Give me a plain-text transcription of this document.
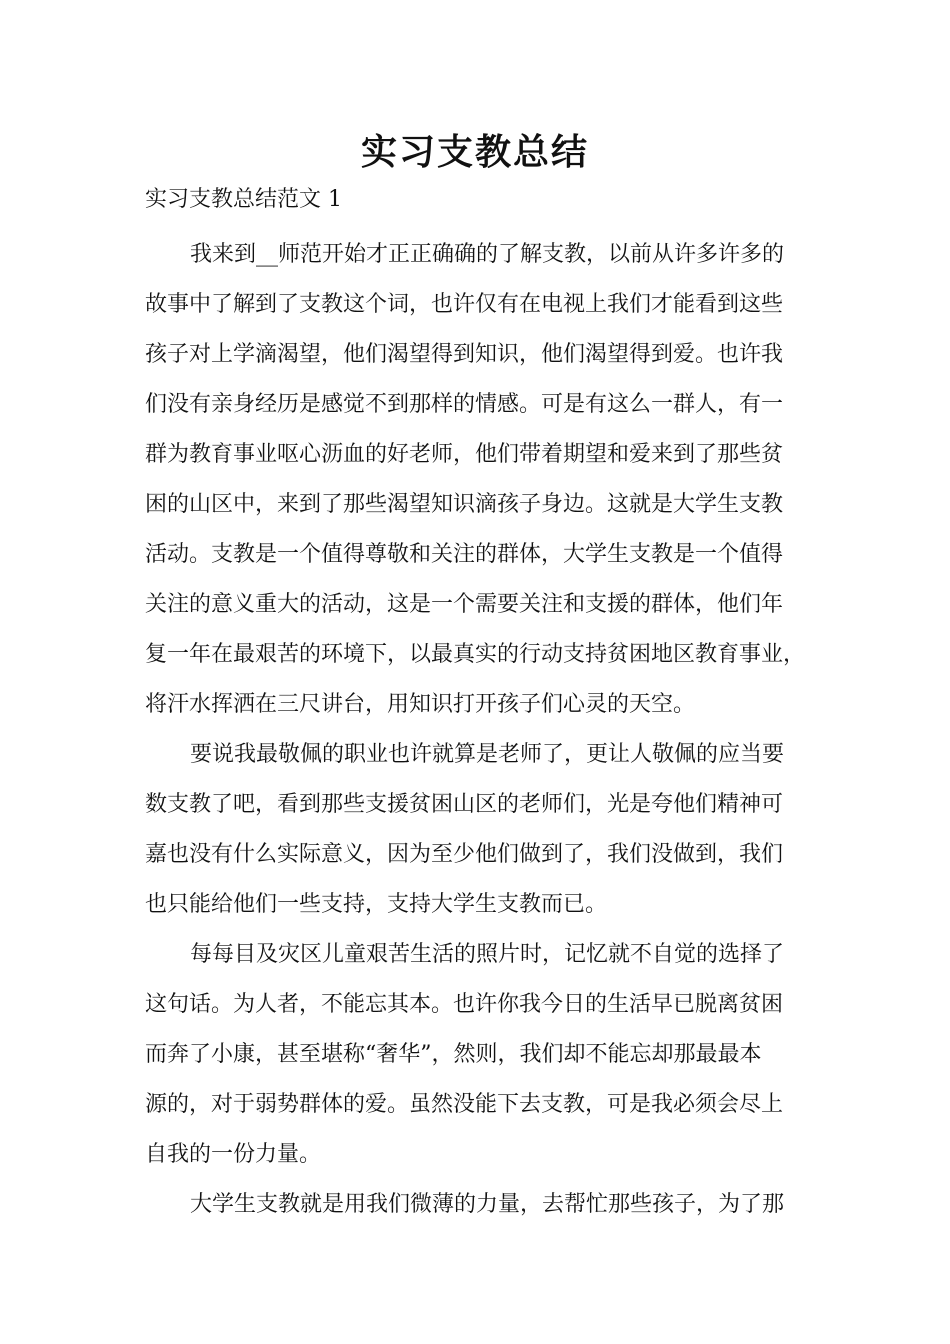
实习支教总结
实习支教总结范文 1
我来到__师范开始才正正确确的了解支教，以前从许多许多的
故事中了解到了支教这个词，也许仅有在电视上我们才能看到这些
孩子对上学滴渴望，他们渴望得到知识，他们渴望得到爱。也许我
们没有亲身经历是感觉不到那样的情感。可是有这么一群人，有一
群为教育事业呕心沥血的好老师，他们带着期望和爱来到了那些贫
困的山区中，来到了那些渴望知识滴孩子身边。这就是大学生支教
活动。支教是一个值得尊敬和关注的群体，大学生支教是一个值得
关注的意义重大的活动，这是一个需要关注和支援的群体，他们年
复一年在最艰苦的环境下，以最真实的行动支持贫困地区教育事业，
将汗水挥洒在三尺讲台，用知识打开孩子们心灵的天空。
要说我最敬佩的职业也许就算是老师了，更让人敬佩的应当要
数支教了吧，看到那些支援贫困山区的老师们，光是夸他们精神可
嘉也没有什么实际意义，因为至少他们做到了，我们没做到，我们
也只能给他们一些支持，支持大学生支教而已。
每每目及灾区儿童艰苦生活的照片时，记忆就不自觉的选择了
这句话。为人者，不能忘其本。也许你我今日的生活早已脱离贫困
而奔了小康，甚至堪称“奢华”，然则，我们却不能忘却那最最本
源的，对于弱势群体的爱。虽然没能下去支教，可是我必须会尽上
自我的一份力量。
大学生支教就是用我们微薄的力量，去帮忙那些孩子，为了那
